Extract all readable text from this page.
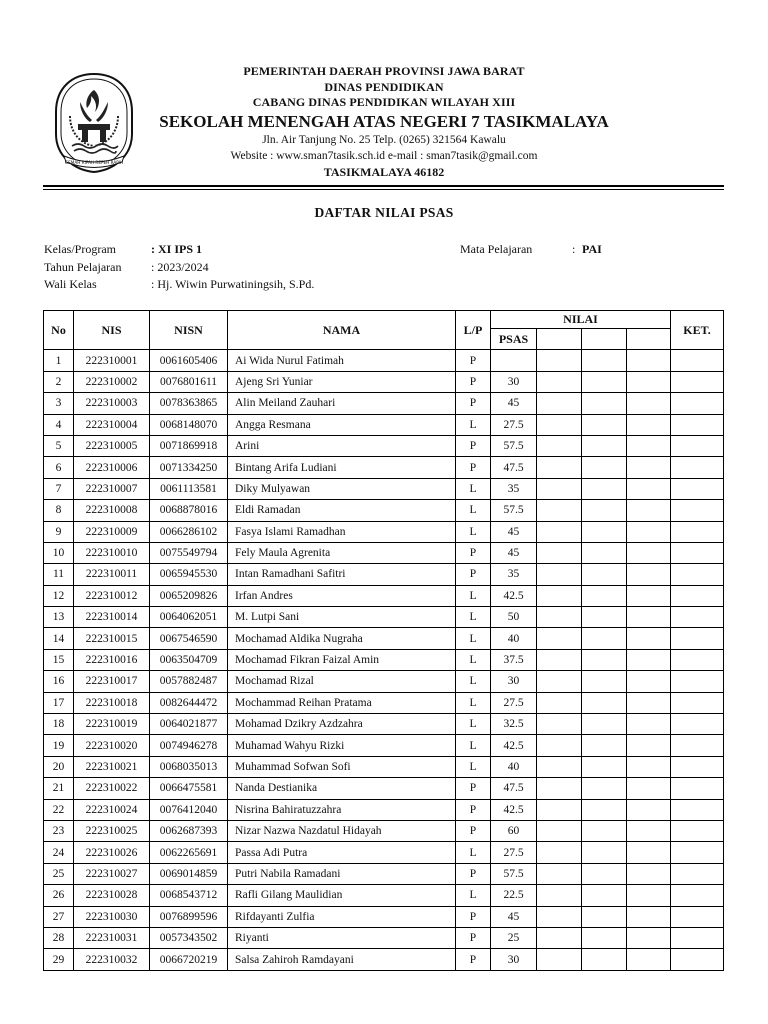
GEMAH RIPAH REPEH RAPIH
PEMERINTAH DAERAH PROVINSI JAWA BARAT
DINAS PENDIDIKAN
CABANG DINAS PENDIDIKAN WILAYAH XIII
SEKOLAH MENENGAH ATAS NEGERI 7 TASIKMALAYA
Jln. Air Tanjung No. 25 Telp. (0265) 321564 Kawalu
Website : www.sman7tasik.sch.id e-mail : sman7tasik@gmail.com
TASIKMALAYA 46182
DAFTAR NILAI PSAS
Kelas/Program	: XI IPS 1
Tahun Pelajaran	: 2023/2024
Wali Kelas	: Hj. Wiwin Purwatiningsih, S.Pd.
Mata Pelajaran	: PAI
No	NIS	NISN	NAMA	L/P	NILAI				KET.
					PSAS				
1	222310001	0061605406	Ai Wida Nurul Fatimah	P					
2	222310002	0076801611	Ajeng Sri Yuniar	P	30				
3	222310003	0078363865	Alin Meiland Zauhari	P	45				
4	222310004	0068148070	Angga Resmana	L	27.5				
5	222310005	0071869918	Arini	P	57.5				
6	222310006	0071334250	Bintang Arifa Ludiani	P	47.5				
7	222310007	0061113581	Diky Mulyawan	L	35				
8	222310008	0068878016	Eldi Ramadan	L	57.5				
9	222310009	0066286102	Fasya Islami Ramadhan	L	45				
10	222310010	0075549794	Fely Maula Agrenita	P	45				
11	222310011	0065945530	Intan Ramadhani Safitri	P	35				
12	222310012	0065209826	Irfan Andres	L	42.5				
13	222310014	0064062051	M. Lutpi Sani	L	50				
14	222310015	0067546590	Mochamad Aldika Nugraha	L	40				
15	222310016	0063504709	Mochamad Fikran Faizal Amin	L	37.5				
16	222310017	0057882487	Mochamad Rizal	L	30				
17	222310018	0082644472	Mochammad Reihan Pratama	L	27.5				
18	222310019	0064021877	Mohamad Dzikry Azdzahra	L	32.5				
19	222310020	0074946278	Muhamad Wahyu Rizki	L	42.5				
20	222310021	0068035013	Muhammad Sofwan Sofi	L	40				
21	222310022	0066475581	Nanda Destianika	P	47.5				
22	222310024	0076412040	Nisrina Bahiratuzzahra	P	42.5				
23	222310025	0062687393	Nizar Nazwa Nazdatul Hidayah	P	60				
24	222310026	0062265691	Passa Adi Putra	L	27.5				
25	222310027	0069014859	Putri Nabila Ramadani	P	57.5				
26	222310028	0068543712	Rafli Gilang Maulidian	L	22.5				
27	222310030	0076899596	Rifdayanti Zulfia	P	45				
28	222310031	0057343502	Riyanti	P	25				
29	222310032	0066720219	Salsa Zahiroh Ramdayani	P	30				
